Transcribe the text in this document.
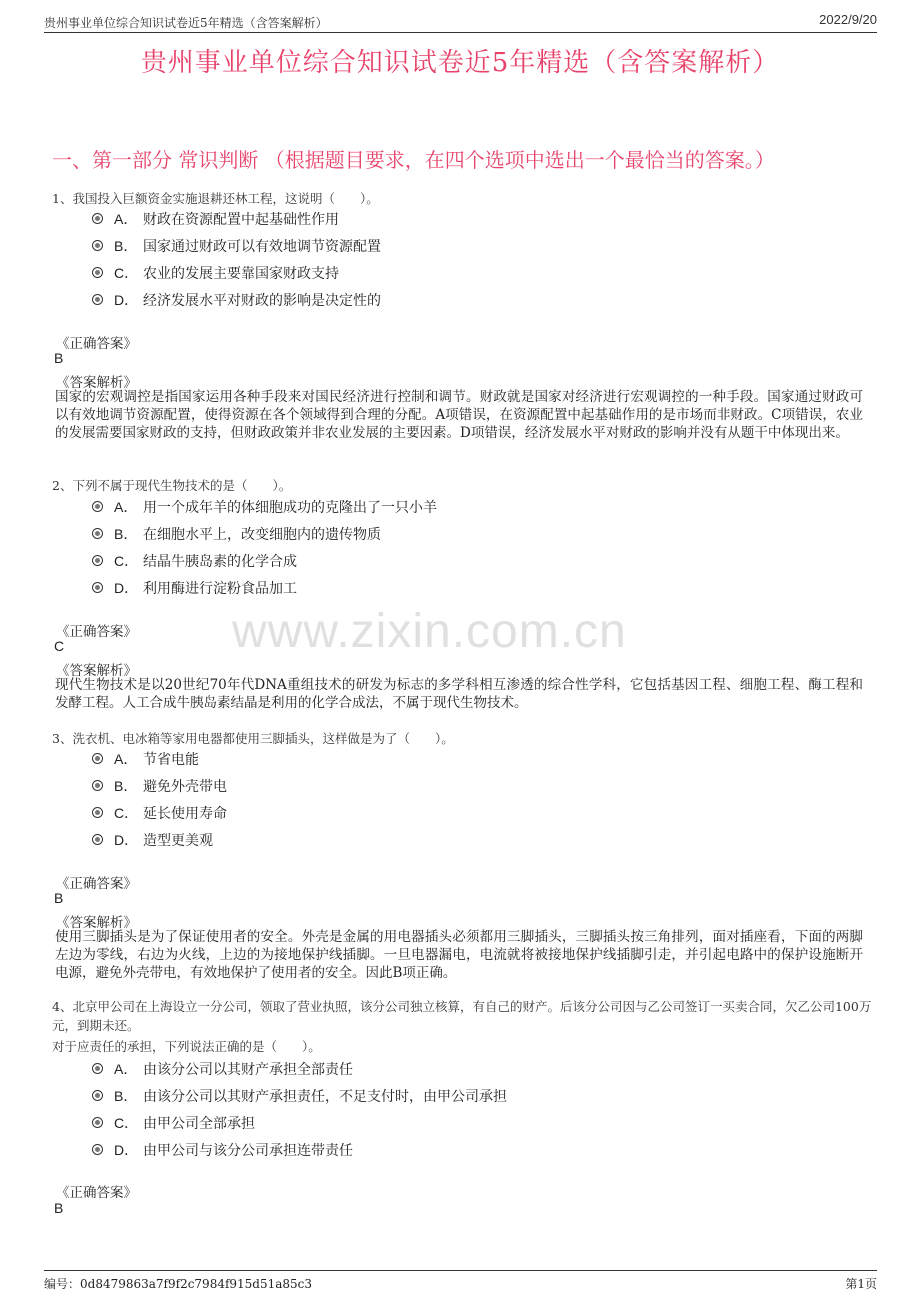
贵州事业单位综合知识试卷近5年精选（含答案解析）	2022/9/20
贵州事业单位综合知识试卷近5年精选（含答案解析）
一、第一部分 常识判断 （根据题目要求，在四个选项中选出一个最恰当的答案。）
www.zixin.com.cn
1、我国投入巨额资金实施退耕还林工程，这说明（　　）。
A． 财政在资源配置中起基础性作用
B． 国家通过财政可以有效地调节资源配置
C． 农业的发展主要靠国家财政支持
D． 经济发展水平对财政的影响是决定性的
《正确答案》
B
《答案解析》
国家的宏观调控是指国家运用各种手段来对国民经济进行控制和调节。财政就是国家对经济进行宏观调控的一种手段。国家通过财政可以有效地调节资源配置，使得资源在各个领域得到合理的分配。A项错误，在资源配置中起基础作用的是市场而非财政。C项错误，农业的发展需要国家财政的支持，但财政政策并非农业发展的主要因素。D项错误，经济发展水平对财政的影响并没有从题干中体现出来。
2、下列不属于现代生物技术的是（　　）。
A． 用一个成年羊的体细胞成功的克隆出了一只小羊
B． 在细胞水平上，改变细胞内的遗传物质
C． 结晶牛胰岛素的化学合成
D． 利用酶进行淀粉食品加工
《正确答案》
C
《答案解析》
现代生物技术是以20世纪70年代DNA重组技术的研发为标志的多学科相互渗透的综合性学科，它包括基因工程、细胞工程、酶工程和发酵工程。人工合成牛胰岛素结晶是利用的化学合成法，不属于现代生物技术。
3、洗衣机、电冰箱等家用电器都使用三脚插头，这样做是为了（　　）。
A． 节省电能
B． 避免外壳带电
C． 延长使用寿命
D． 造型更美观
《正确答案》
B
《答案解析》
使用三脚插头是为了保证使用者的安全。外壳是金属的用电器插头必须都用三脚插头，三脚插头按三角排列，面对插座看，下面的两脚左边为零线，右边为火线，上边的为接地保护线插脚。一旦电器漏电，电流就将被接地保护线插脚引走，并引起电路中的保护设施断开电源，避免外壳带电，有效地保护了使用者的安全。因此B项正确。
4、北京甲公司在上海设立一分公司，领取了营业执照，该分公司独立核算，有自己的财产。后该分公司因与乙公司签订一买卖合同，欠乙公司100万元，到期未还。
对于应责任的承担，下列说法正确的是（　　）。
A． 由该分公司以其财产承担全部责任
B． 由该分公司以其财产承担责任，不足支付时，由甲公司承担
C． 由甲公司全部承担
D． 由甲公司与该分公司承担连带责任
《正确答案》
B
编号：0d8479863a7f9f2c7984f915d51a85c3	第1页
